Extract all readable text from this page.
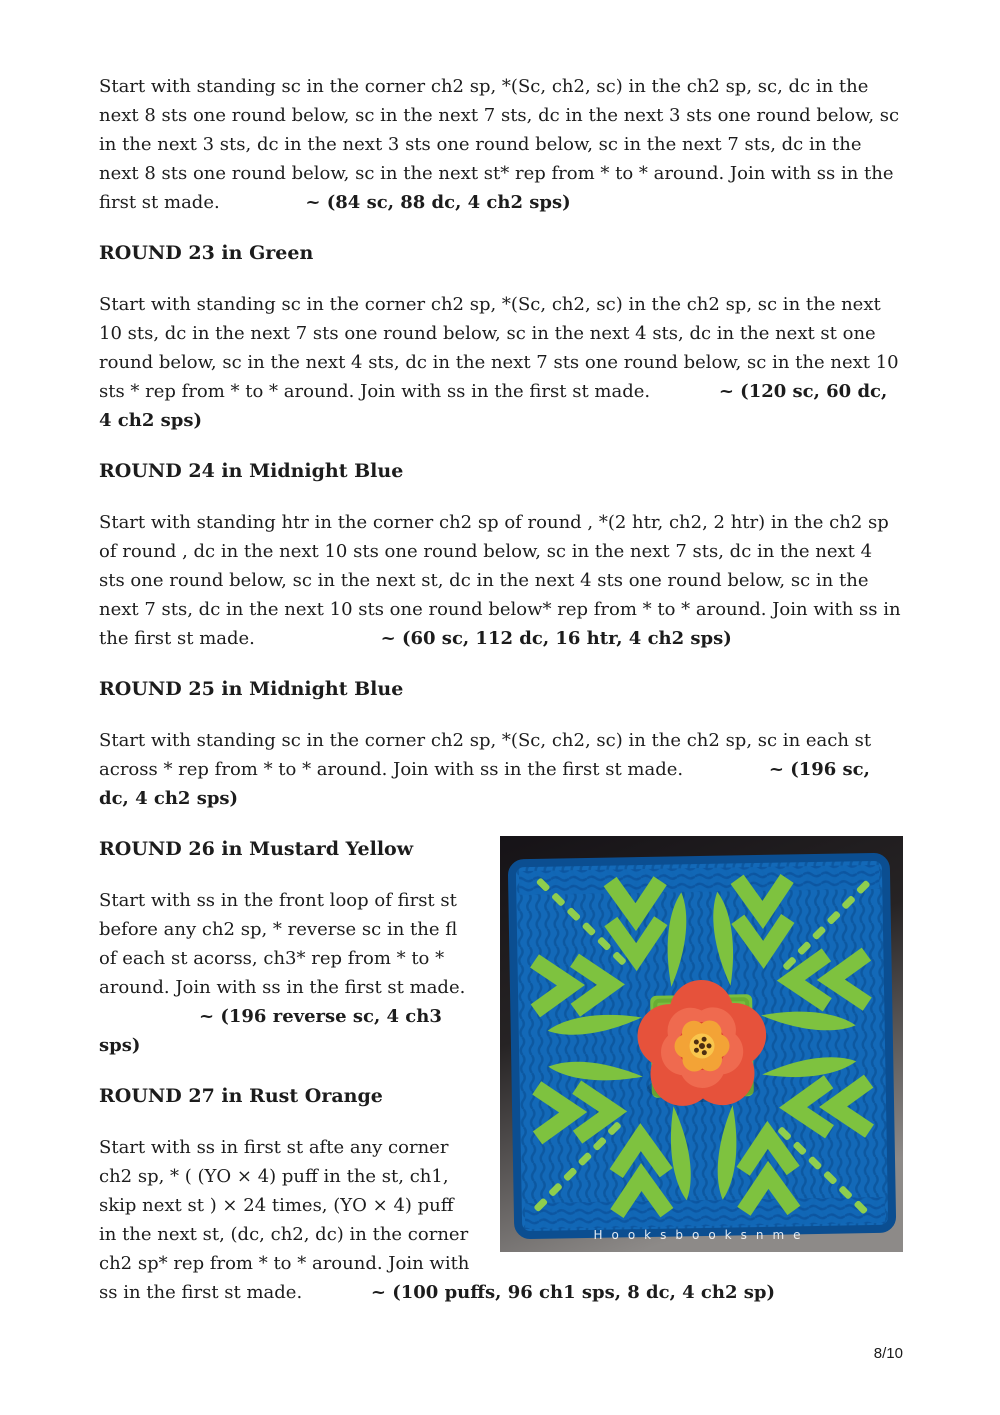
Start with standing sc in the corner ch2 sp, *(Sc, ch2, sc) in the ch2 sp, sc, dc in the next 8 sts one round below, sc in the next 7 sts, dc in the next 3 sts one round below, sc in the next 3 sts, dc in the next 3 sts one round below, sc in the next 7 sts, dc in the next 8 sts one round below, sc in the next st* rep from * to * around. Join with ss in the first st made.	~ (84 sc, 88 dc, 4 ch2 sps)

ROUND 23 in Green

Start with standing sc in the corner ch2 sp, *(Sc, ch2, sc) in the ch2 sp, sc in the next 10 sts, dc in the next 7 sts one round below, sc in the next 4 sts, dc in the next st one round below, sc in the next 4 sts, dc in the next 7 sts one round below, sc in the next 10 sts * rep from * to * around. Join with ss in the first st made.	~ (120 sc, 60 dc, 4 ch2 sps)

ROUND 24 in Midnight Blue

Start with standing htr in the corner ch2 sp of round , *(2 htr, ch2, 2 htr) in the ch2 sp of round , dc in the next 10 sts one round below, sc in the next 7 sts, dc in the next 4 sts one round below, sc in the next st, dc in the next 4 sts one round below, sc in the next 7 sts, dc in the next 10 sts one round below* rep from * to * around. Join with ss in the first st made.	~ (60 sc, 112 dc, 16 htr, 4 ch2 sps)

ROUND 25 in Midnight Blue

Start with standing sc in the corner ch2 sp, *(Sc, ch2, sc) in the ch2 sp, sc in each st across * rep from * to * around. Join with ss in the first st made.	~ (196 sc,  dc, 4 ch2 sps)

Hooksbooksnme
ROUND 26 in Mustard Yellow

Start with ss in the front loop of first st before any ch2 sp, * reverse sc in the fl of each st acorss, ch3* rep from * to * around. Join with ss in the first st made. ~ (196 reverse sc, 4 ch3 sps)

ROUND 27 in Rust Orange

Start with ss in first st afte any corner ch2 sp, * ( (YO × 4) puff in the st, ch1, skip next st ) × 24 times, (YO × 4) puff in the next st, (dc, ch2, dc) in the corner ch2 sp* rep from * to * around. Join with ss in the first st made.	~ (100 puffs, 96 ch1 sps, 8 dc, 4 ch2 sp)

8/10
